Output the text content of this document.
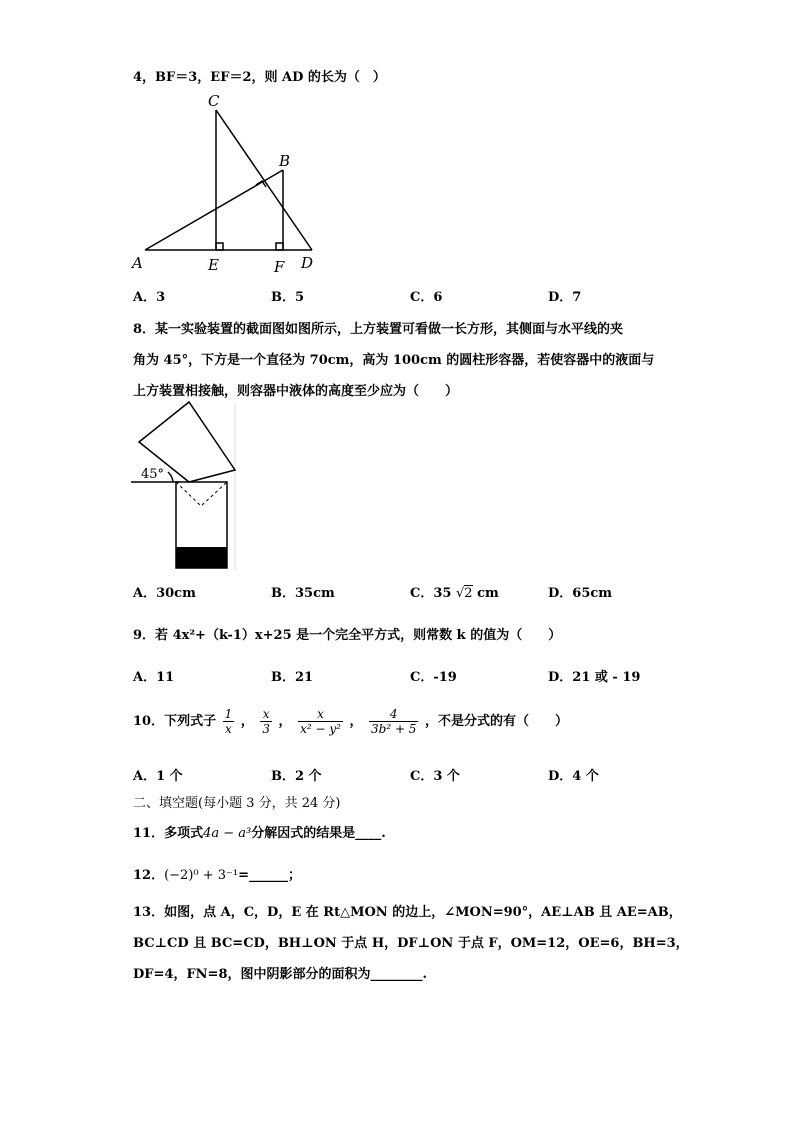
4，BF＝3，EF＝2，则 AD 的长为（　）
C
B
A	E	F D
A．3	B．5	C．6	D．7
8．某一实验装置的截面图如图所示，上方装置可看做一长方形，其侧面与水平线的夹
角为 45°，下方是一个直径为 70cm，高为 100cm 的圆柱形容器，若使容器中的液面与
上方装置相接触，则容器中液体的高度至少应为（　　）
45°
A．30cm	B．35cm	C．35 √2 cm	D．65cm
9．若 4x²+（k-1）x+25 是一个完全平方式，则常数 k 的值为（　　）
A．11	B．21	C．-19	D．21 或 - 19
10．下列式子 $\frac{1}{x}$ ， $\frac{x}{3}$ ， $\frac{x}{\text{x² − y²}}$ ， $\frac{4}{\text{3b² + 5}}$ ，不是分式的有（　　）
A．1 个	B．2 个	C．3 个	D．4 个
二、填空题(每小题 3 分，共 24 分)
11．多项式4a − a³分解因式的结果是____.
12．(−2)⁰ + 3⁻¹=______；
13．如图，点 A，C，D，E 在 Rt△MON 的边上，∠MON=90°，AE⊥AB 且 AE=AB，
BC⊥CD 且 BC=CD，BH⊥ON 于点 H，DF⊥ON 于点 F，OM=12，OE=6，BH=3，
DF=4，FN=8，图中阴影部分的面积为________.
